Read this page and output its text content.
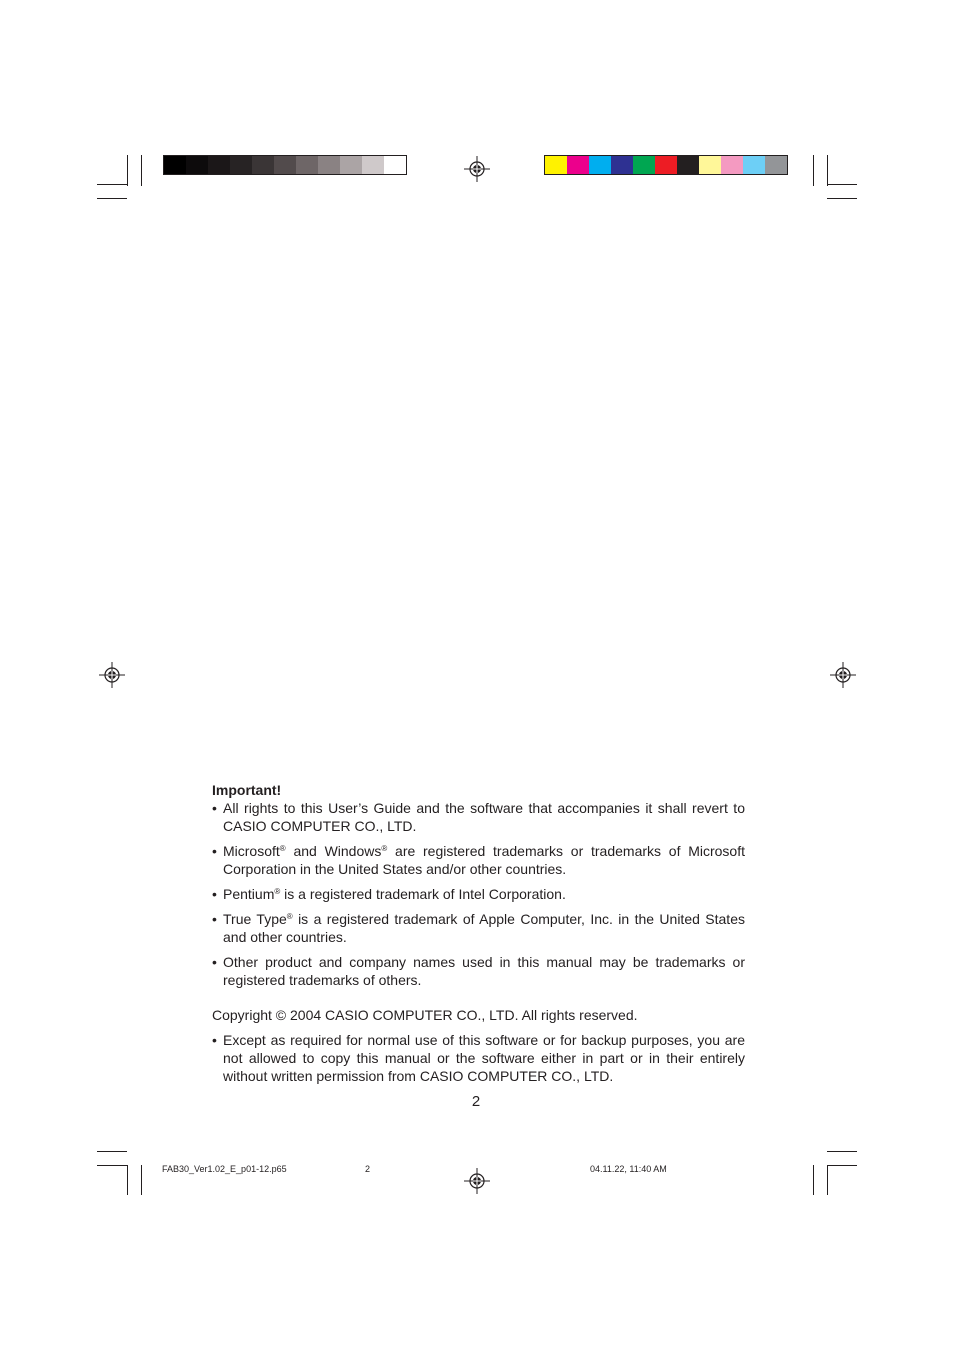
Important!

• All rights to this User’s Guide and the software that accompanies it shall revert to CASIO COMPUTER CO., LTD.

• Microsoft® and Windows® are registered trademarks or trademarks of Microsoft Corporation in the United States and/or other countries.

• Pentium® is a registered trademark of Intel Corporation.

• True Type® is a registered trademark of Apple Computer, Inc. in the United States and other countries.

• Other product and company names used in this manual may be trademarks or registered trademarks of others.

Copyright © 2004 CASIO COMPUTER CO., LTD. All rights reserved.

• Except as required for normal use of this software or for backup purposes, you are not allowed to copy this manual or the software either in part or in their entirely without written permission from CASIO COMPUTER CO., LTD.

2
FAB30_Ver1.02_E_p01-12.p65	2	04.11.22, 11:40 AM
